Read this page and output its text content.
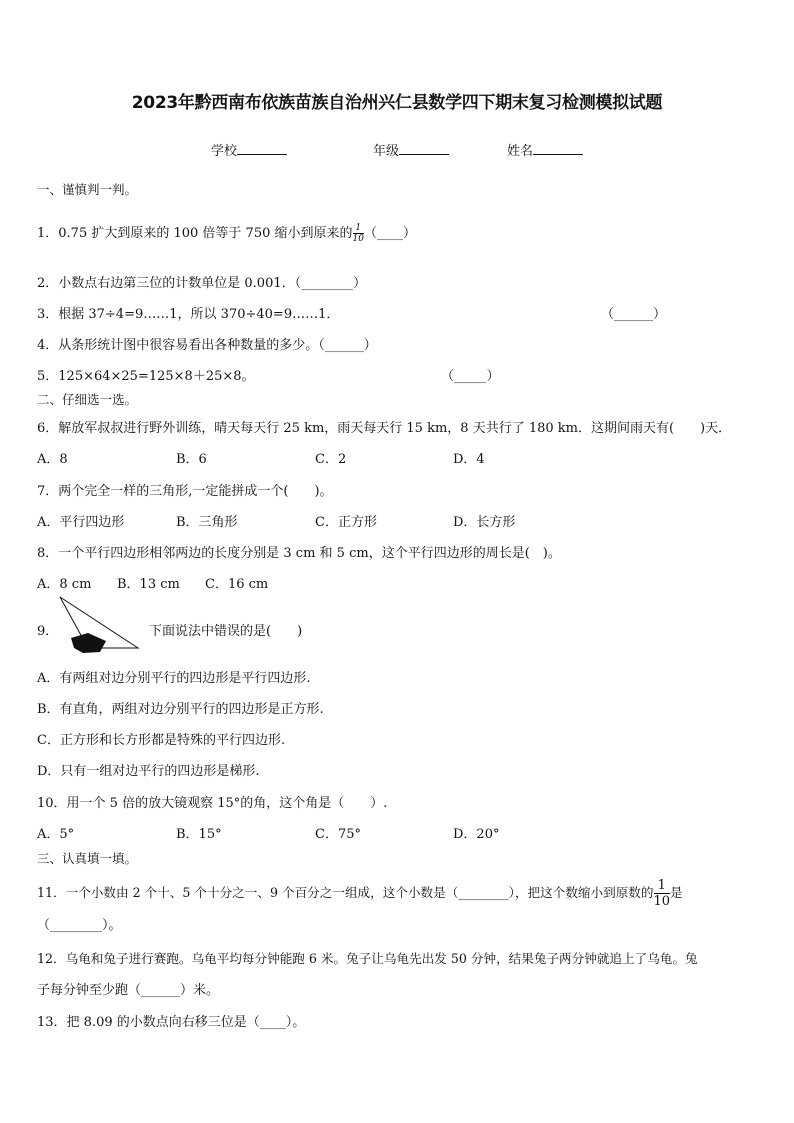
2023年黔西南布依族苗族自治州兴仁县数学四下期末复习检测模拟试题
学校	年级	姓名
一、谨慎判一判。
1．0.75 扩大到原来的 100 倍等于 750 缩小到原来的 $\frac{1}{10}$ （____）
2．小数点右边第三位的计数单位是 0.001．（________）
3．根据 37÷4=9……1，所以 370÷40=9……1．	（______）
4．从条形统计图中很容易看出各种数量的多少。（______）
5．125×64×25=125×8＋25×8。	（_____）
二、仔细选一选。
6．解放军叔叔进行野外训练，晴天每天行 25 km，雨天每天行 15 km，8 天共行了 180 km．这期间雨天有(　　)天．
A．8	B．6	C．2	D．4
7．两个完全一样的三角形,一定能拼成一个(　　)。
A．平行四边形	B．三角形	C．正方形	D．长方形
8．一个平行四边形相邻两边的长度分别是 3 cm 和 5 cm，这个平行四边形的周长是(　)。
A．8 cm B．13 cm C．16 cm
9．	下面说法中错误的是(　　)
A．有两组对边分别平行的四边形是平行四边形.
B．有直角，两组对边分别平行的四边形是正方形.
C．正方形和长方形都是特殊的平行四边形.
D．只有一组对边平行的四边形是梯形.
10．用一个 5 倍的放大镜观察 15°的角，这个角是（　　）.
A．5°	B．15°	C．75°	D．20°
三、认真填一填。
11．一个小数由 2 个十、5 个十分之一、9 个百分之一组成，这个小数是（________），把这个数缩小到原数的 $\frac{1}{10}$ 是
（________）。
12．乌龟和兔子进行赛跑。乌龟平均每分钟能跑 6 米。兔子让乌龟先出发 50 分钟，结果兔子两分钟就追上了乌龟。兔
子每分钟至少跑（______）米。
13．把 8.09 的小数点向右移三位是（____）。
